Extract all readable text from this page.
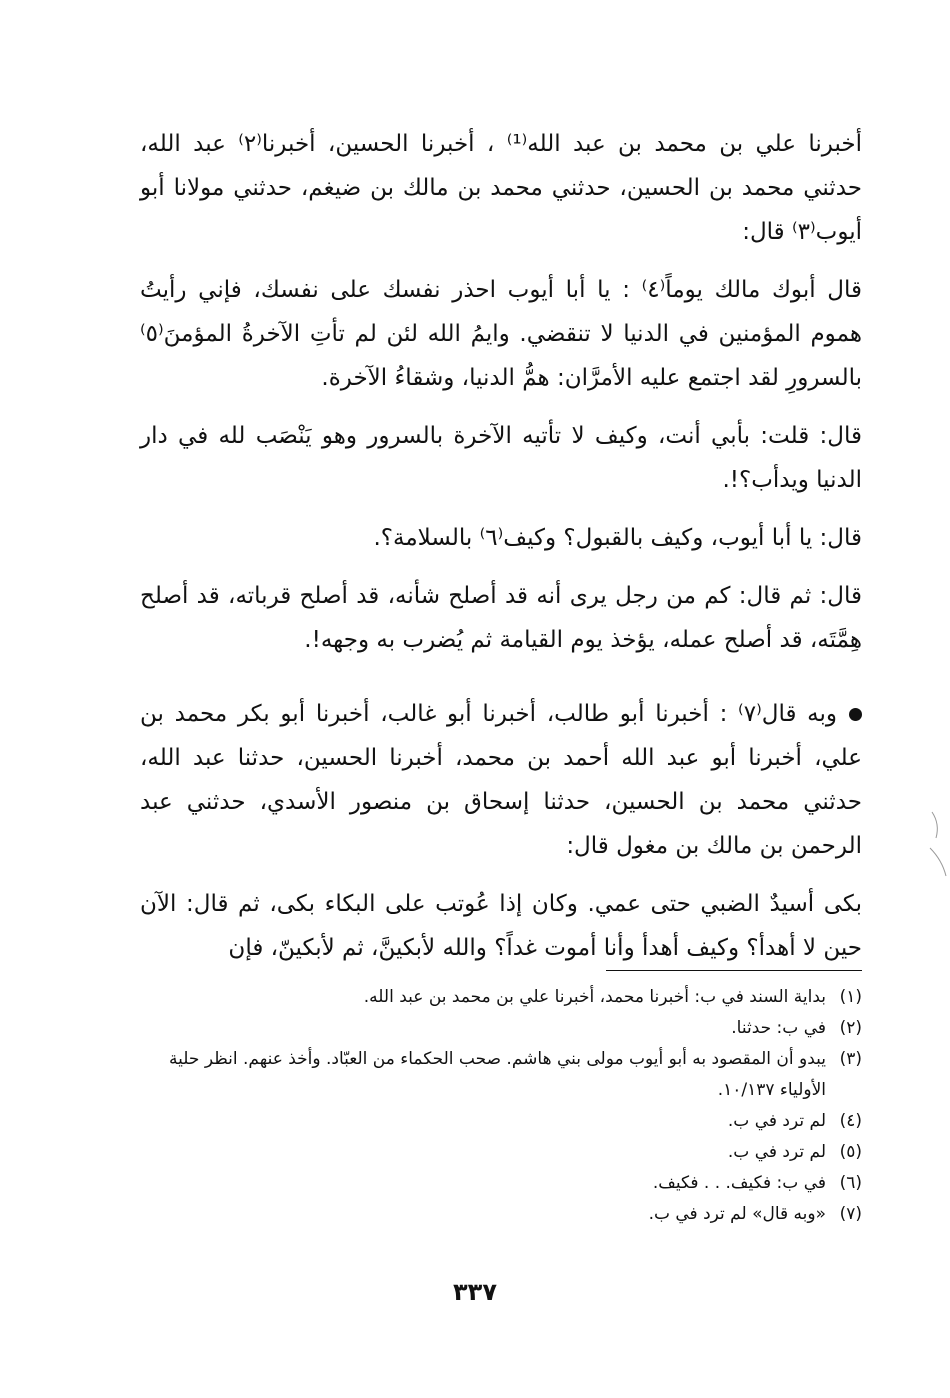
أخبرنا علي بن محمد بن عبد الله⁽¹⁾ ، أخبرنا الحسين، أخبرنا⁽٢⁾ عبد الله، حدثني محمد بن الحسين، حدثني محمد بن مالك بن ضيغم، حدثني مولانا أبو أيوب⁽٣⁾ قال:

قال أبوك مالك يوماً⁽٤⁾ : يا أبا أيوب احذر نفسك على نفسك، فإني رأيتُ هموم المؤمنين في الدنيا لا تنقضي. وايمُ الله لئن لم تأتِ الآخرةُ المؤمنَ⁽٥⁾ بالسرورِ لقد اجتمع عليه الأمرَّان: همُّ الدنيا، وشقاءُ الآخرة.

قال: قلت: بأبي أنت، وكيف لا تأتيه الآخرة بالسرور وهو يَنْصَب لله في دار الدنيا ويدأب؟!.

قال: يا أبا أيوب، وكيف بالقبول؟ وكيف⁽٦⁾ بالسلامة؟.

قال: ثم قال: كم من رجل يرى أنه قد أصلح شأنه، قد أصلح قرباته، قد أصلح هِمَّتَه، قد أصلح عمله، يؤخذ يوم القيامة ثم يُضرب به وجهه!.

وبه قال⁽٧⁾ : أخبرنا أبو طالب، أخبرنا أبو غالب، أخبرنا أبو بكر محمد بن علي، أخبرنا أبو عبد الله أحمد بن محمد، أخبرنا الحسين، حدثنا عبد الله، حدثني محمد بن الحسين، حدثنا إسحاق بن منصور الأسدي، حدثني عبد الرحمن بن مالك بن مغول قال:

بكى أسيدٌ الضبي حتى عمي. وكان إذا عُوتب على البكاء بكى، ثم قال: الآن حين لا أهدأ؟ وكيف أهدأ وأنا أموت غداً؟ والله لأبكينَّ، ثم لأبكينّ، فإن

(١)
بداية السند في ب: أخبرنا محمد، أخبرنا علي بن محمد بن عبد الله.
(٢)
في ب: حدثنا.
(٣)
يبدو أن المقصود به أبو أيوب مولى بني هاشم. صحب الحكماء من العبّاد. وأخذ عنهم. انظر حلية الأولياء ١٠/١٣٧.
(٤)
لم ترد في ب.
(٥)
لم ترد في ب.
(٦)
في ب: فكيف. . . فكيف.
(٧)
«وبه قال» لم ترد في ب.
٣٣٧
